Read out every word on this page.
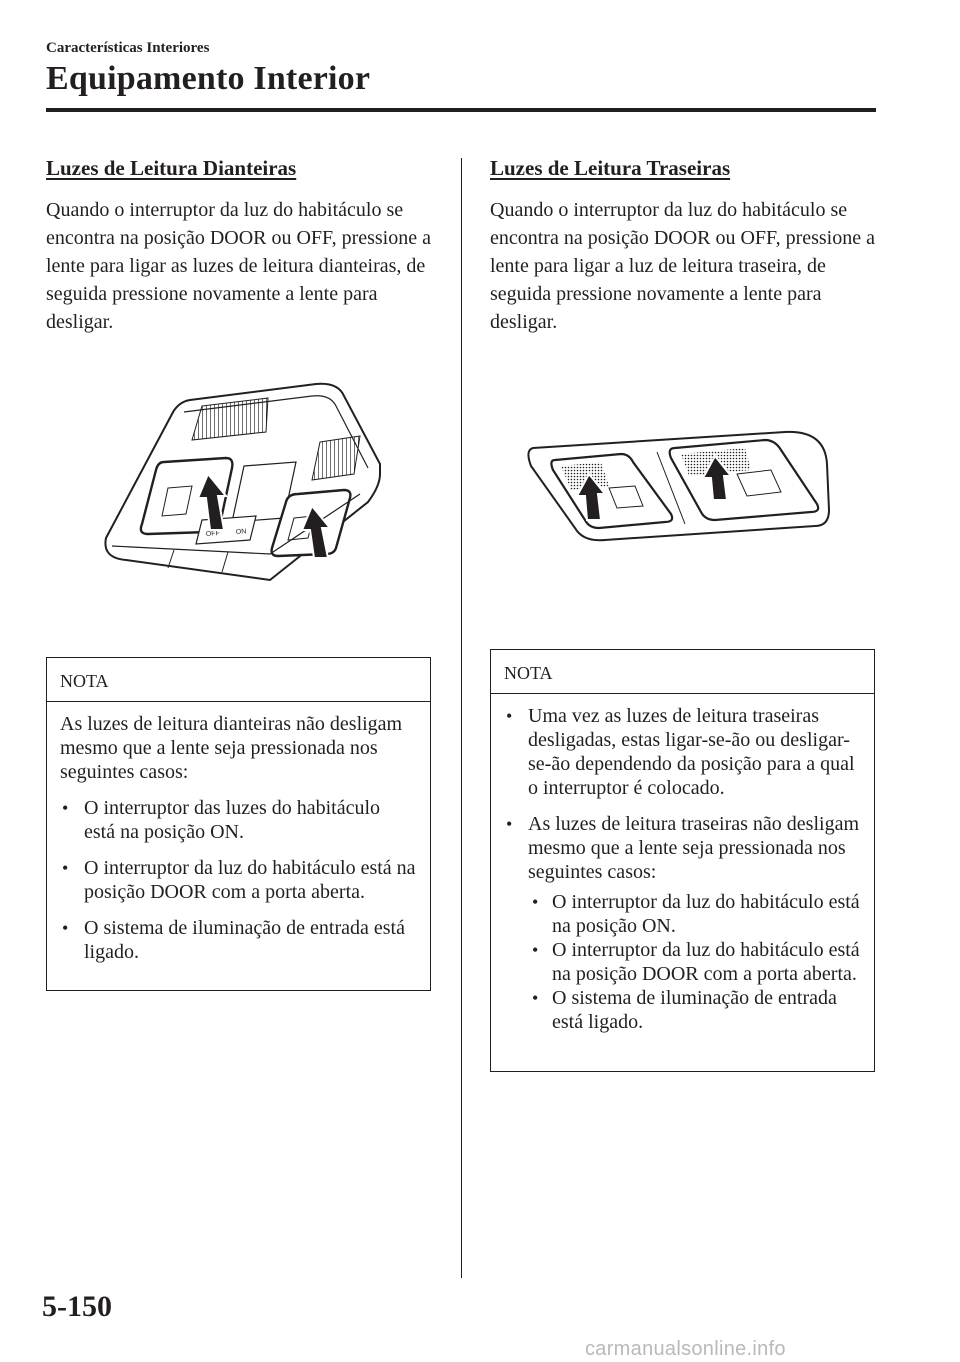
Características Interiores
Equipamento Interior
Luzes de Leitura Dianteiras
Quando o interruptor da luz do habitáculo se encontra na posição DOOR ou OFF, pressione a lente para ligar as luzes de leitura dianteiras, de seguida pressione novamente a lente para desligar.
OFF ON
NOTA

As luzes de leitura dianteiras não desligam mesmo que a lente seja pressionada nos seguintes casos:

• O interruptor das luzes do habitáculo está na posição ON.
• O interruptor da luz do habitáculo está na posição DOOR com a porta aberta.
• O sistema de iluminação de entrada está ligado.
Luzes de Leitura Traseiras
Quando o interruptor da luz do habitáculo se encontra na posição DOOR ou OFF, pressione a lente para ligar a luz de leitura traseira, de seguida pressione novamente a lente para desligar.
NOTA
• Uma vez as luzes de leitura traseiras desligadas, estas ligar-se-ão ou desligar-se-ão dependendo da posição para a qual o interruptor é colocado.
• As luzes de leitura traseiras não desligam mesmo que a lente seja pressionada nos seguintes casos:
• O interruptor da luz do habitáculo está na posição ON.
• O interruptor da luz do habitáculo está na posição DOOR com a porta aberta.
• O sistema de iluminação de entrada está ligado.
5-150
carmanualsonline.info
